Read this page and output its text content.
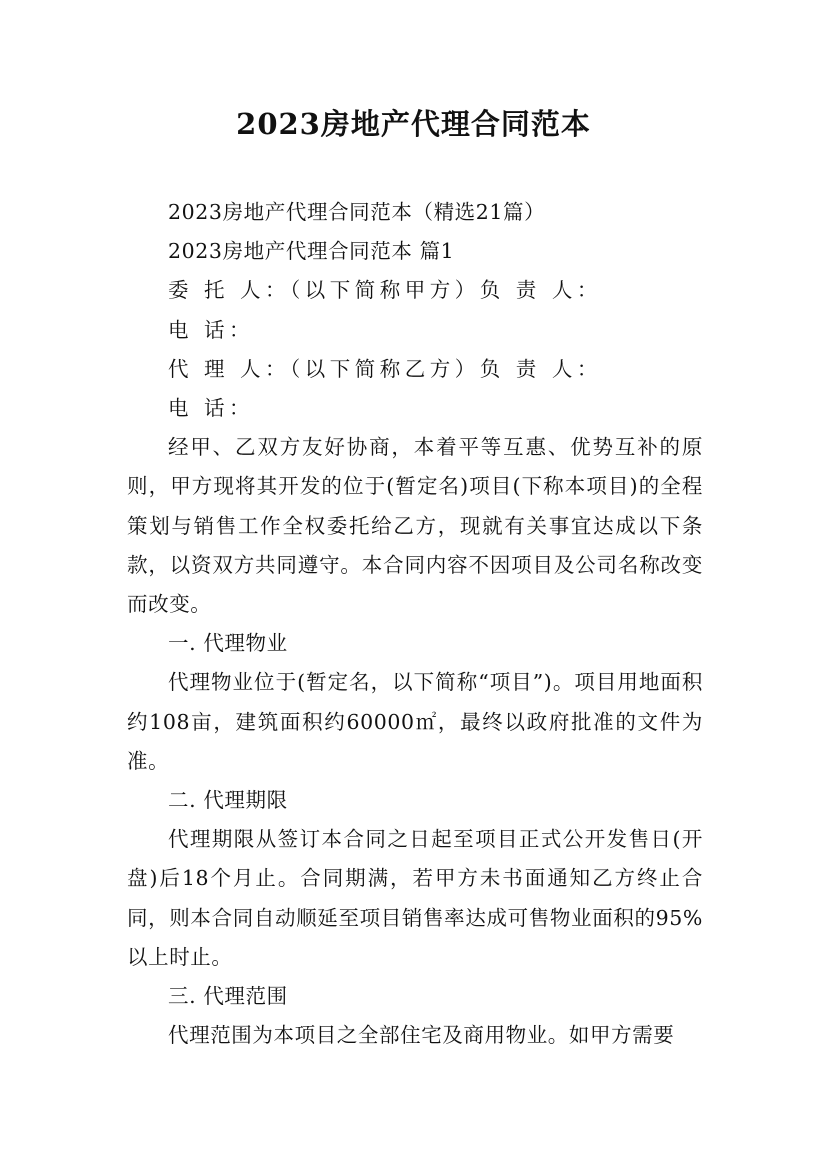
2023房地产代理合同范本

2023房地产代理合同范本（精选21篇）

2023房地产代理合同范本 篇1

委 托 人：（以下简称甲方）负 责 人：

电 话：

代 理 人：（以下简称乙方）负 责 人：

电 话：

经甲、乙双方友好协商，本着平等互惠、优势互补的原则，甲方现将其开发的位于(暂定名)项目(下称本项目)的全程策划与销售工作全权委托给乙方，现就有关事宜达成以下条款，以资双方共同遵守。本合同内容不因项目及公司名称改变而改变。

一. 代理物业

代理物业位于(暂定名，以下简称“项目”)。项目用地面积约108亩，建筑面积约60000㎡，最终以政府批准的文件为准。

二. 代理期限

代理期限从签订本合同之日起至项目正式公开发售日(开盘)后18个月止。合同期满，若甲方未书面通知乙方终止合同，则本合同自动顺延至项目销售率达成可售物业面积的95%以上时止。

三. 代理范围

代理范围为本项目之全部住宅及商用物业。如甲方需要
